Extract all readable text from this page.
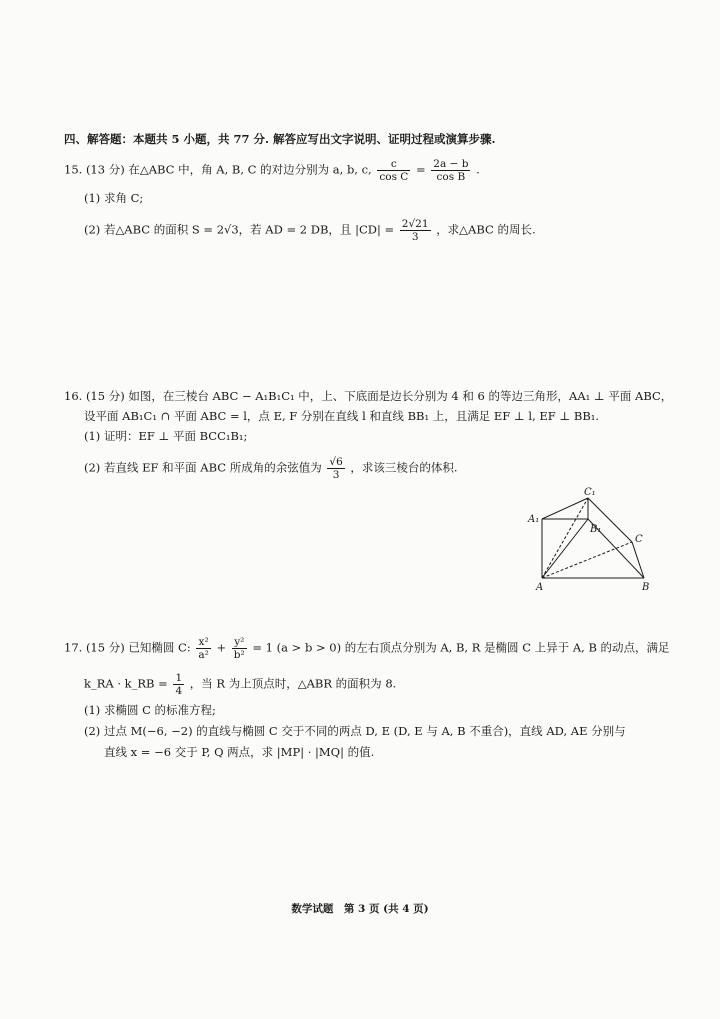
四、解答题：本题共 5 小题，共 77 分. 解答应写出文字说明、证明过程或演算步骤.
15. (13 分) 在△ABC 中，角 A, B, C 的对边分别为 a, b, c, $\frac{c}{\text{cos C}} = \frac{2a - b}{\text{cos B}}$ .
(1) 求角 C;
(2) 若△ABC 的面积 S = 2√3，若 AD = 2 DB，且 $|CD| = \frac{2√21}{3}$ ，求△ABC 的周长.
16. (15 分) 如图，在三棱台 ABC − A₁B₁C₁ 中，上、下底面是边长分别为 4 和 6 的等边三角形，AA₁ ⊥ 平面 ABC，
设平面 AB₁C₁ ∩ 平面 ABC = l，点 E, F 分别在直线 l 和直线 BB₁ 上，且满足 EF ⊥ l, EF ⊥ BB₁.
(1) 证明：EF ⊥ 平面 BCC₁B₁;
(2) 若直线 EF 和平面 ABC 所成角的余弦值为 $\frac{√6}{3}$ ，求该三棱台的体积.
C₁
A₁
B₁
C
A	B
17. (15 分) 已知椭圆 C: $\frac{\text{x²}}{\text{a²}} + \frac{\text{y²}}{\text{b²}} = 1$ (a > b > 0) 的左右顶点分别为 A, B, R 是椭圆 C 上异于 A, B 的动点，满足
k_RA · k_RB = $\frac{1}{4}$ ，当 R 为上顶点时，△ABR 的面积为 8.
(1) 求椭圆 C 的标准方程;
(2) 过点 M(−6, −2) 的直线与椭圆 C 交于不同的两点 D, E (D, E 与 A, B 不重合)，直线 AD, AE 分别与
直线 x = −6 交于 P, Q 两点，求 |MP| · |MQ| 的值.
数学试题　第 3 页 (共 4 页)
